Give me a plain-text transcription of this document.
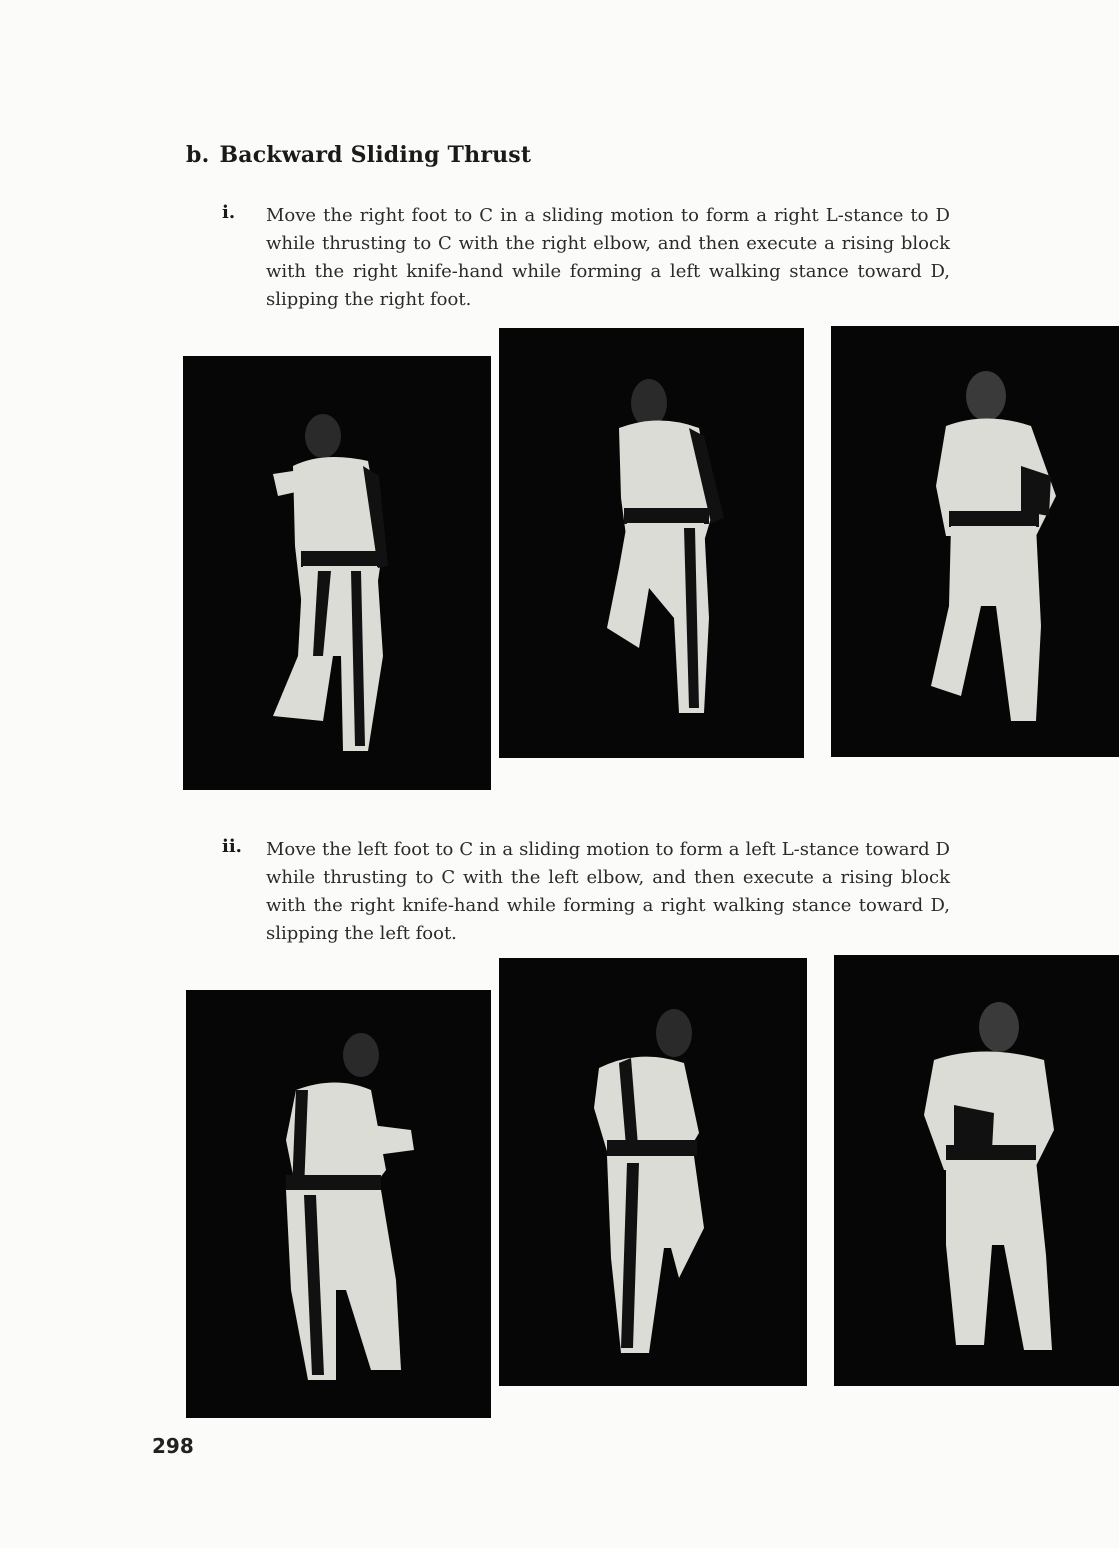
b. Backward Sliding Thrust
i. Move the right foot to C in a sliding motion to form a right L-stance to D while thrusting to C with the right elbow, and then execute a rising block with the right knife-hand while forming a left walking stance toward D, slipping the right foot.

ii. Move the left foot to C in a sliding motion to form a left L-stance toward D while thrusting to C with the left elbow, and then execute a rising block with the right knife-hand while forming a right walking stance toward D, slipping the left foot.

298
